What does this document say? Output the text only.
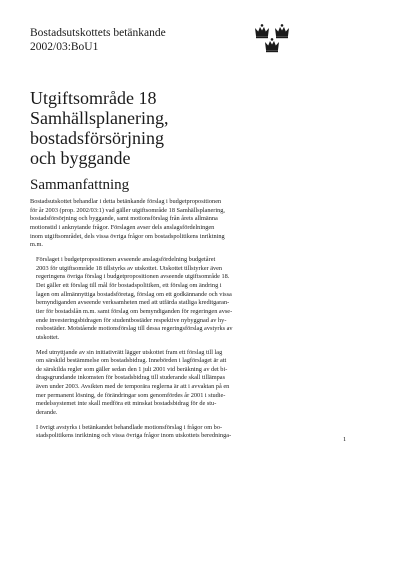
Bostadsutskottets betänkande
2002/03:BoU1
Utgiftsområde 18
Samhällsplanering,
bostadsförsörjning
och byggande
Sammanfattning

Bostadsutskottet behandlar i detta betänkande förslag i budgetpropositionen
för år 2003 (prop. 2002/03:1) vad gäller utgiftsområde 18 Samhällsplanering,
bostadsförsörjning och byggande, samt motionsförslag från årets allmänna
motionstid i anknytande frågor. Förslagen avser dels anslagsfördelningen
inom utgiftsområdet, dels vissa övriga frågor om bostadspolitikens inriktning
m.m.

Förslaget i budgetpropositionen avseende anslagsfördelning budgetåret
2003 för utgiftsområde 18 tillstyrks av utskottet. Utskottet tillstyrker även
regeringens övriga förslag i budgetpropositionen avseende utgiftsområde 18.
Det gäller ett förslag till mål för bostadspolitiken, ett förslag om ändring i
lagen om allmännyttiga bostadsföretag, förslag om ett godkännande och vissa
bemyndiganden avseende verksamheten med att utfärda statliga kreditgaran-
tier för bostadslån m.m. samt förslag om bemyndiganden för regeringen avse-
ende investeringsbidragen för studentbostäder respektive nybyggnad av hy-
resbostäder. Motstående motionsförslag till dessa regeringsförslag avstyrks av
utskottet.

Med utnyttjande av sin initiativrätt lägger utskottet fram ett förslag till lag
om särskild bestämmelse om bostadsbidrag. Innebörden i lagförslaget är att
de särskilda regler som gäller sedan den 1 juli 2001 vid beräkning av det bi-
dragsgrundande inkomsten för bostadsbidrag till studerande skall tillämpas
även under 2003. Avsikten med de temporära reglerna är att i avvaktan på en
mer permanent lösning, de förändringar som genomfördes år 2001 i studie-
medelssystemet inte skall medföra ett minskat bostadsbidrag för de stu-
derande.

I övrigt avstyrks i betänkandet behandlade motionsförslag i frågor om bo-
stadspolitikens inriktning och vissa övriga frågor inom utskottets beredninga-

1
